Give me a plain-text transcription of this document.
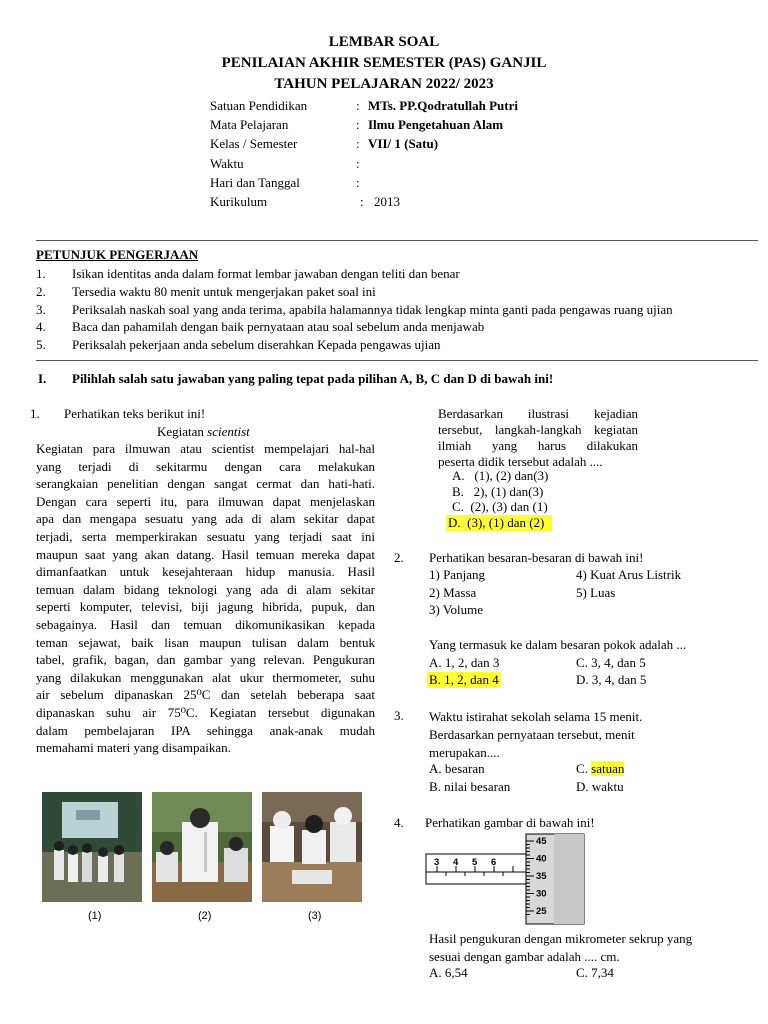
LEMBAR SOAL
PENILAIAN AKHIR SEMESTER (PAS) GANJIL
TAHUN PELAJARAN 2022/ 2023
Satuan Pendidikan	: MTs. PP.Qodratullah Putri
Mata Pelajaran	: Ilmu Pengetahuan Alam
Kelas / Semester	: VII/ 1 (Satu)
Waktu	:
Hari dan Tanggal	:
Kurikulum	: 2013
PETUNJUK PENGERJAAN
1. Isikan identitas anda dalam format lembar jawaban dengan teliti dan benar
2. Tersedia waktu 80 menit untuk mengerjakan paket soal ini
3. Periksalah naskah soal yang anda terima, apabila halamannya tidak lengkap minta ganti pada pengawas ruang ujian
4. Baca dan pahamilah dengan baik pernyataan atau soal sebelum anda menjawab
5. Periksalah pekerjaan anda sebelum diserahkan Kepada pengawas ujian
I. Pilihlah salah satu jawaban yang paling tepat pada pilihan A, B, C dan D di bawah ini!
1. Perhatikan teks berikut ini!
Kegiatan scientist
Kegiatan para ilmuwan atau scientist mempelajari hal-hal
yang terjadi di sekitarmu dengan cara melakukan
serangkaian penelitian dengan sangat cermat dan hati-hati.
Dengan cara seperti itu, para ilmuwan dapat menjelaskan
apa dan mengapa sesuatu yang ada di alam sekitar dapat
terjadi, serta memperkirakan sesuatu yang terjadi saat ini
maupun saat yang akan datang. Hasil temuan mereka dapat
dimanfaatkan untuk kesejahteraan hidup manusia. Hasil
temuan dalam bidang teknologi yang ada di alam sekitar
seperti komputer, televisi, biji jagung hibrida, pupuk, dan
sebagainya. Hasil dan temuan dikomunikasikan kepada
teman sejawat, baik lisan maupun tulisan dalam bentuk
tabel, grafik, bagan, dan gambar yang relevan. Pengukuran
yang dilakukan menggunakan alat ukur thermometer, suhu
air sebelum dipanaskan 25⁰C dan setelah beberapa saat
dipanaskan suhu air 75⁰C. Kegiatan tersebut digunakan
dalam pembelajaran IPA sehingga anak-anak mudah
memahami materi yang disampaikan.
(1)	(2)	(3)
Berdasarkan ilustrasi kejadian
tersebut, langkah-langkah kegiatan
ilmiah yang harus dilakukan
peserta didik tersebut adalah ....
A. (1), (2) dan(3)
B. 2), (1) dan(3)
C. (2), (3) dan (1)
D. (3), (1) dan (2)
2. Perhatikan besaran-besaran di bawah ini!
1) Panjang	4) Kuat Arus Listrik
2) Massa	5) Luas
3) Volume
Yang termasuk ke dalam besaran pokok adalah ...
A. 1, 2, dan 3	C. 3, 4, dan 5
B. 1, 2, dan 4	D. 3, 4, dan 5
3. Waktu istirahat sekolah selama 15 menit.
Berdasarkan pernyataan tersebut, menit
merupakan....
A. besaran	C. satuan
B. nilai besaran	D. waktu
4. Perhatikan gambar di bawah ini!
3 4 5 6
45
40
35
30
25
Hasil pengukuran dengan mikrometer sekrup yang
sesuai dengan gambar adalah .... cm.
A. 6,54	C. 7,34
